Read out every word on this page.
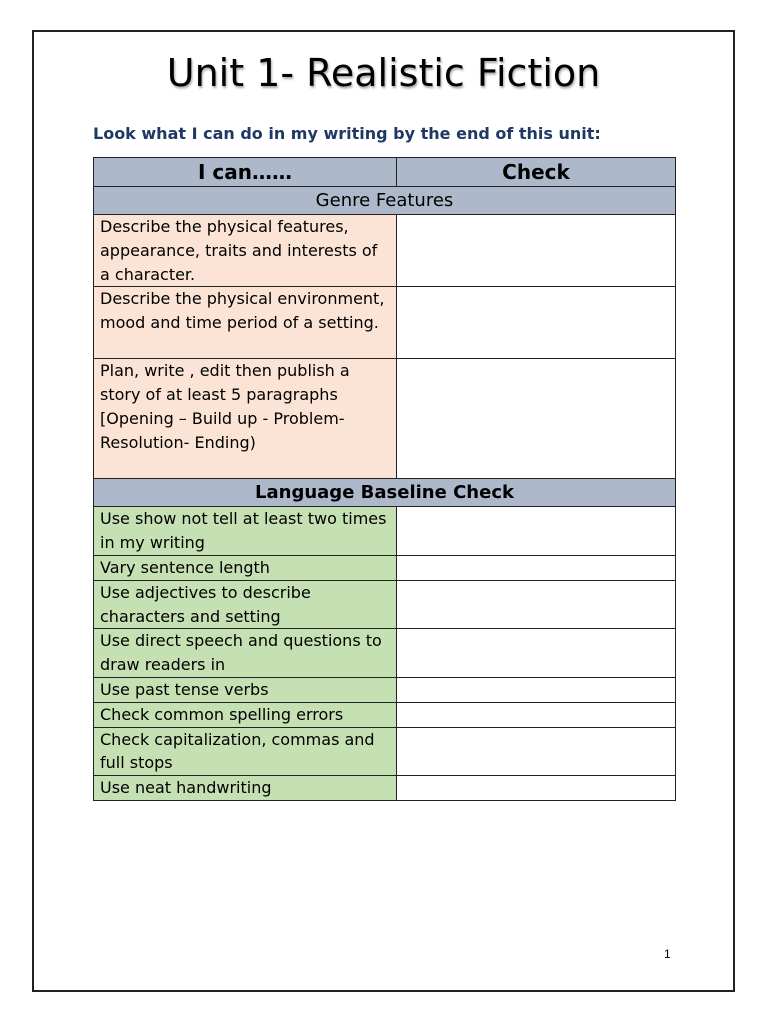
Unit 1- Realistic Fiction
Look what I can do in my writing by the end of this unit:
I can……	Check
Genre Features	

Describe the physical features, appearance, traits and interests of a character.	

Describe the physical environment, mood and time period of a setting.	

Plan, write , edit then publish a story of at least 5 paragraphs [Opening – Build up - Problem-Resolution- Ending)	

Language Baseline Check	

Use show not tell at least two times in my writing	

Vary sentence length	

Use adjectives to describe characters and setting	

Use direct speech and questions to draw readers in	

Use past tense verbs	

Check common spelling errors	

Check capitalization, commas and full stops	

Use neat handwriting	

1
